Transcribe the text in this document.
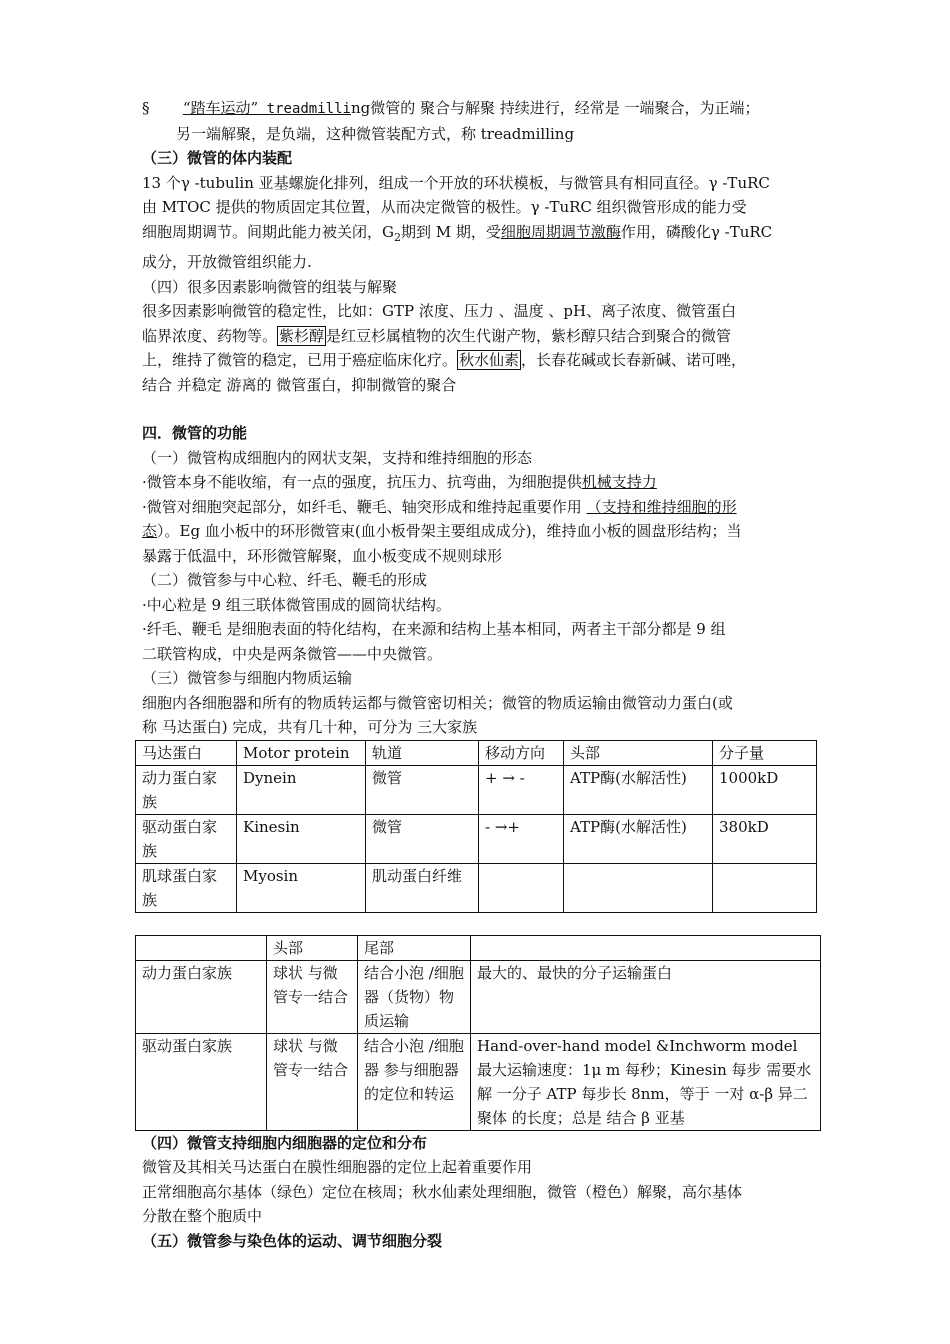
§ “踏车运动” treadmilling微管的 聚合与解聚 持续进行，经常是 一端聚合，为正端；
另一端解聚，是负端，这种微管装配方式，称 treadmilling
（三）微管的体内装配
13 个γ -tubulin 亚基螺旋化排列，组成一个开放的环状模板，与微管具有相同直径。γ -TuRC
由 MTOC 提供的物质固定其位置，从而决定微管的极性。γ -TuRC 组织微管形成的能力受
细胞周期调节。间期此能力被关闭，$G_2$期到 M 期，受细胞周期调节激酶作用，磷酸化γ -TuRC
成分，开放微管组织能力.
（四）很多因素影响微管的组装与解聚
很多因素影响微管的稳定性，比如：GTP 浓度、压力 、温度 、pH、离子浓度、微管蛋白
临界浓度、药物等。 紫杉醇 是红豆杉属植物的次生代谢产物，紫杉醇只结合到聚合的微管
上，维持了微管的稳定，已用于癌症临床化疗。 秋水仙素 ，长春花碱或长春新碱、诺可唑，
结合 并稳定 游离的 微管蛋白，抑制微管的聚合
四．微管的功能
（一）微管构成细胞内的网状支架，支持和维持细胞的形态
·微管本身不能收缩，有一点的强度，抗压力、抗弯曲，为细胞提供机械支持力
·微管对细胞突起部分，如纤毛、鞭毛、轴突形成和维持起重要作用 （支持和维持细胞的形
态）。Eg 血小板中的环形微管束(血小板骨架主要组成成分)，维持血小板的圆盘形结构；当
暴露于低温中，环形微管解聚，血小板变成不规则球形
（二）微管参与中心粒、纤毛、鞭毛的形成
·中心粒是 9 组三联体微管围成的圆筒状结构。
·纤毛、鞭毛 是细胞表面的特化结构，在来源和结构上基本相同，两者主干部分都是 9 组
二联管构成，中央是两条微管——中央微管。
（三）微管参与细胞内物质运输
细胞内各细胞器和所有的物质转运都与微管密切相关；微管的物质运输由微管动力蛋白(或
称 马达蛋白) 完成，共有几十种，可分为 三大家族
马达蛋白	Motor protein	轨道	移动方向	头部	分子量
动力蛋白家族	Dynein	微管	+ → -	ATP酶(水解活性)	1000kD
驱动蛋白家族	Kinesin	微管	- →+	ATP酶(水解活性)	380kD
肌球蛋白家族	Myosin	肌动蛋白纤维			
	头部	尾部	
动力蛋白家族	球状 与微管专一结合	结合小泡 /细胞器（货物）物质运输	最大的、最快的分子运输蛋白
驱动蛋白家族	球状 与微管专一结合	结合小泡 /细胞器 参与细胞器的定位和转运	Hand-over-hand model &Inchworm model 最大运输速度：1μ m 每秒；Kinesin 每步 需要水解 一分子 ATP 每步长 8nm，等于 一对 α-β 异二聚体 的长度；总是 结合 β 亚基
（四）微管支持细胞内细胞器的定位和分布
微管及其相关马达蛋白在膜性细胞器的定位上起着重要作用
正常细胞高尔基体（绿色）定位在核周；秋水仙素处理细胞，微管（橙色）解聚，高尔基体
分散在整个胞质中
（五）微管参与染色体的运动、调节细胞分裂
